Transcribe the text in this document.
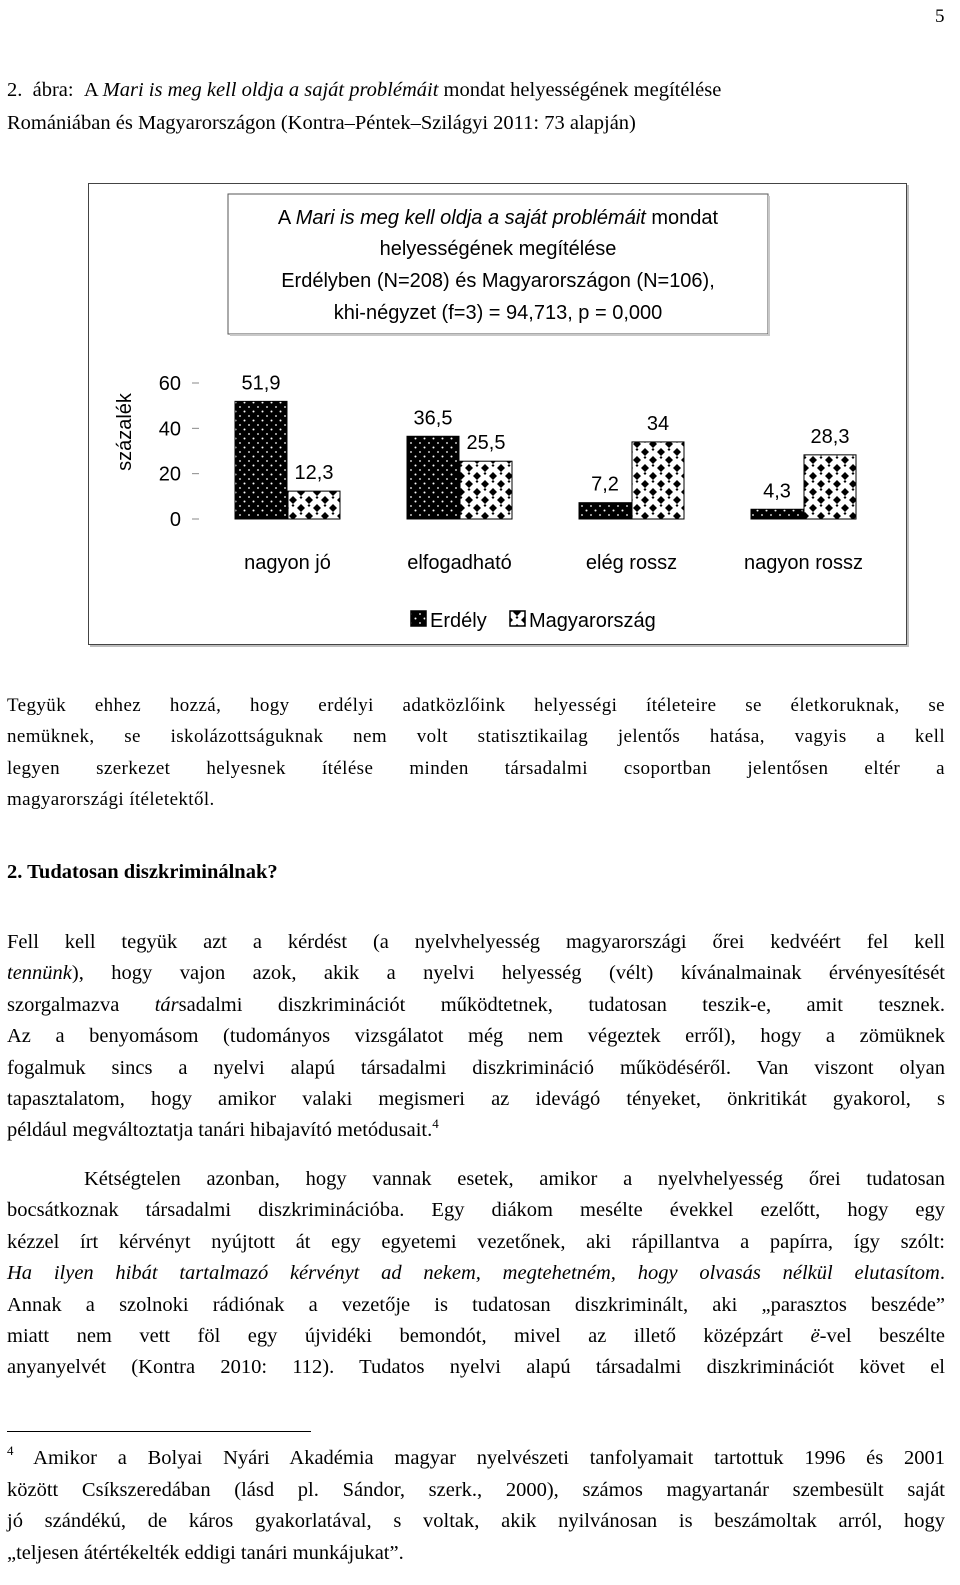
5
2.  ábra:  A Mari is meg kell oldja a saját problémáit mondat helyességének megítélése
Romániában és Magyarországon (Kontra–Péntek–Szilágyi 2011: 73 alapján)
A Mari is meg kell oldja a saját problémáit mondat
helyességének megítélése
Erdélyben (N=208) és Magyarországon (N=106),
khi-négyzet (f=3) = 94,713, p = 0,000
százalék
0
20
40
60	51,9
12,3
36,5
25,5
7,2
34
4,3
28,3
nagyon jó	elfogadható	elég rossz	nagyon rossz
Erdély Magyarország
Tegyük ehhez hozzá, hogy erdélyi adatközlőink helyességi ítéleteire se életkoruknak, se
nemüknek, se iskolázottságuknak nem volt statisztikailag jelentős hatása, vagyis a kell
legyen szerkezet helyesnek ítélése minden társadalmi csoportban jelentősen eltér a
magyarországi ítéletektől.
2. Tudatosan diszkriminálnak?
Fell kell tegyük azt a kérdést (a nyelvhelyesség magyarországi őrei kedvéért fel kell
tennünk), hogy vajon azok, akik a nyelvi helyesség (vélt) kívánalmainak érvényesítését
szorgalmazva társadalmi diszkriminációt működtetnek, tudatosan teszik-e, amit tesznek.
Az a benyomásom (tudományos vizsgálatot még nem végeztek erről), hogy a zömüknek
fogalmuk sincs a nyelvi alapú társadalmi diszkrimináció működéséről. Van viszont olyan
tapasztalatom, hogy amikor valaki megismeri az idevágó tényeket, önkritikát gyakorol, s
például megváltoztatja tanári hibajavító metódusait.$^4$
Kétségtelen azonban, hogy vannak esetek, amikor a nyelvhelyesség őrei tudatosan
bocsátkoznak társadalmi diszkriminációba. Egy diákom mesélte évekkel ezelőtt, hogy egy
kézzel írt kérvényt nyújtott át egy egyetemi vezetőnek, aki rápillantva a papírra, így szólt:
Ha ilyen hibát tartalmazó kérvényt ad nekem, megtehetném, hogy olvasás nélkül elutasítom.
Annak a szolnoki rádiónak a vezetője is tudatosan diszkriminált, aki „parasztos beszéde”
miatt nem vett föl egy újvidéki bemondót, mivel az illető középzárt ë-vel beszélte
anyanyelvét (Kontra 2010: 112). Tudatos nyelvi alapú társadalmi diszkriminációt követ el
$^4$ Amikor a Bolyai Nyári Akadémia magyar nyelvészeti tanfolyamait tartottuk 1996 és 2001
között Csíkszeredában (lásd pl. Sándor, szerk., 2000), számos magyartanár szembesült saját
jó szándékú, de káros gyakorlatával, s voltak, akik nyilvánosan is beszámoltak arról, hogy
„teljesen átértékelték eddigi tanári munkájukat”.
